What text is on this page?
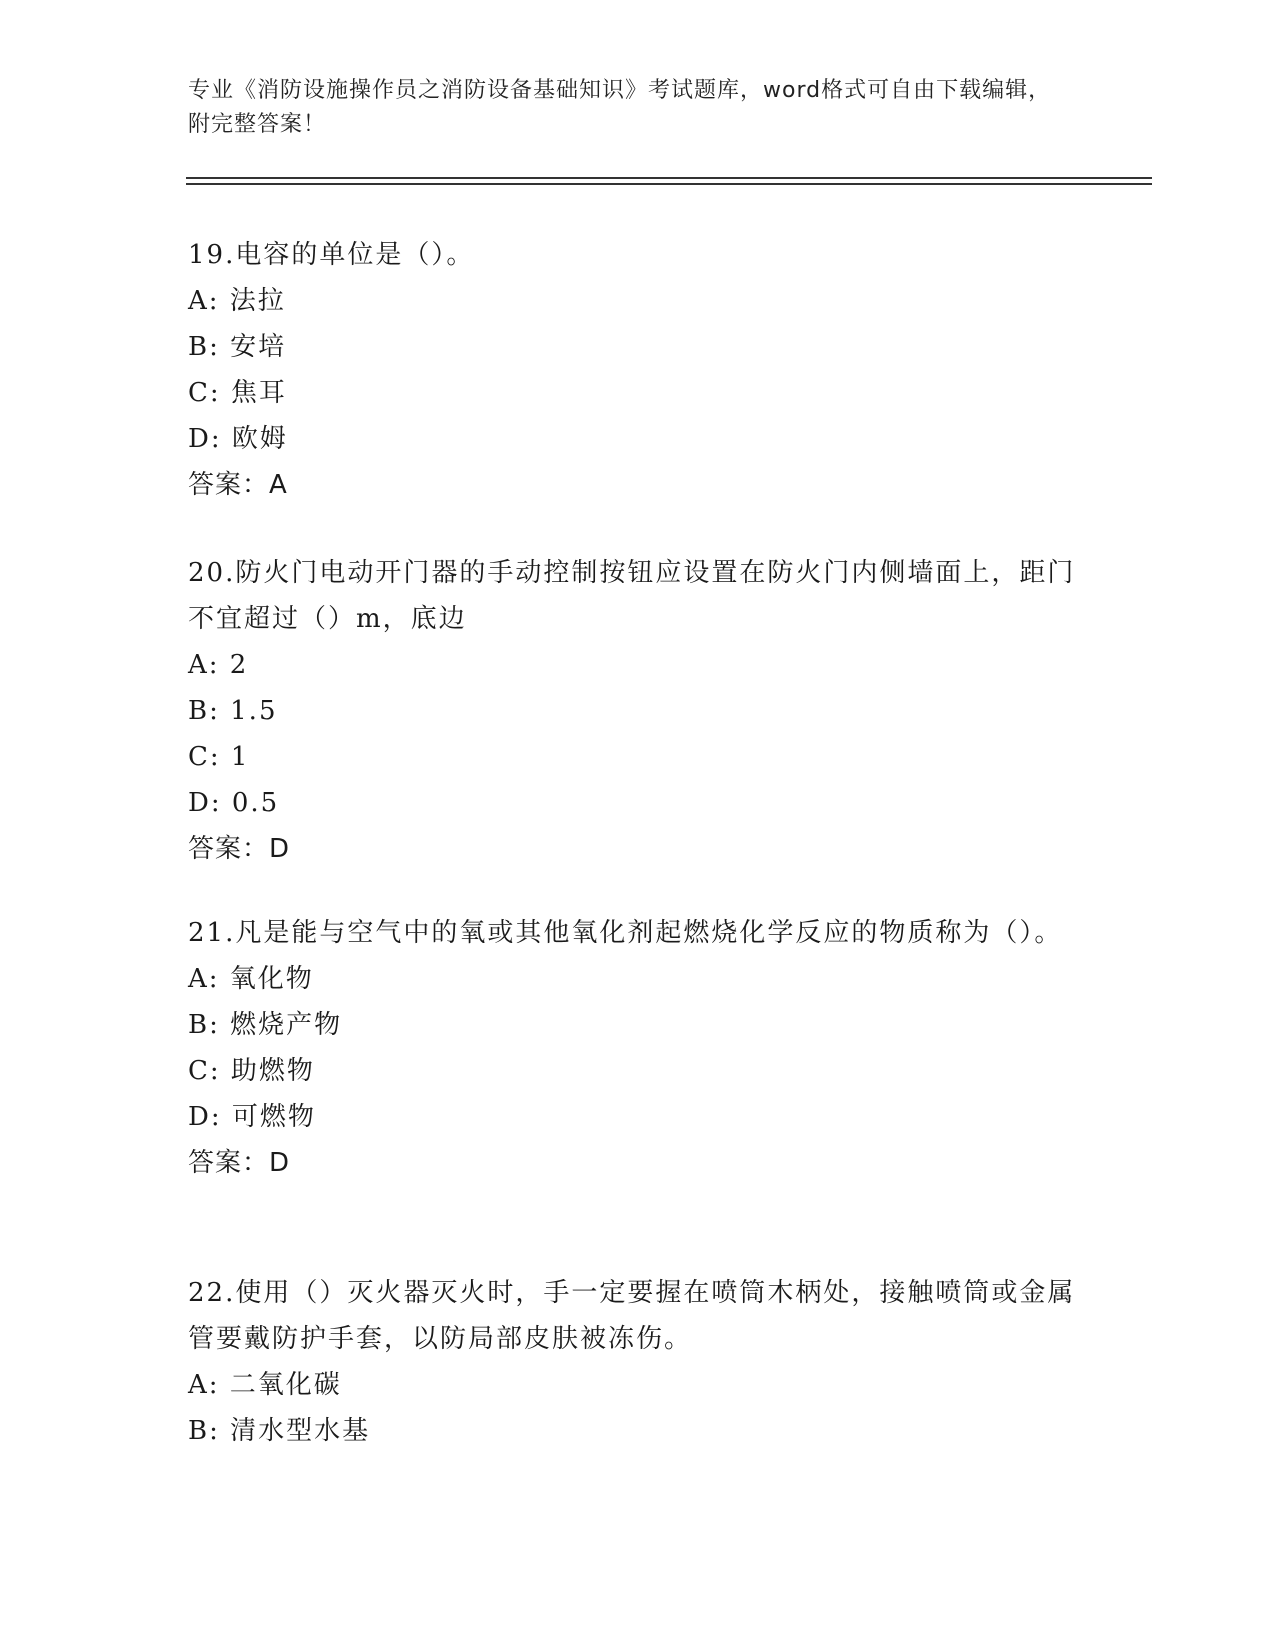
专业《消防设施操作员之消防设备基础知识》考试题库，word格式可自由下载编辑，附完整答案！
19.电容的单位是（）。
A: 法拉
B: 安培
C: 焦耳
D: 欧姆
答案：A
20.防火门电动开门器的手动控制按钮应设置在防火门内侧墙面上，距门不宜超过（）m，底边
A: 2
B: 1.5
C: 1
D: 0.5
答案：D
21.凡是能与空气中的氧或其他氧化剂起燃烧化学反应的物质称为（）。
A: 氧化物
B: 燃烧产物
C: 助燃物
D: 可燃物
答案：D
22.使用（）灭火器灭火时，手一定要握在喷筒木柄处，接触喷筒或金属管要戴防护手套，以防局部皮肤被冻伤。
A: 二氧化碳
B: 清水型水基
